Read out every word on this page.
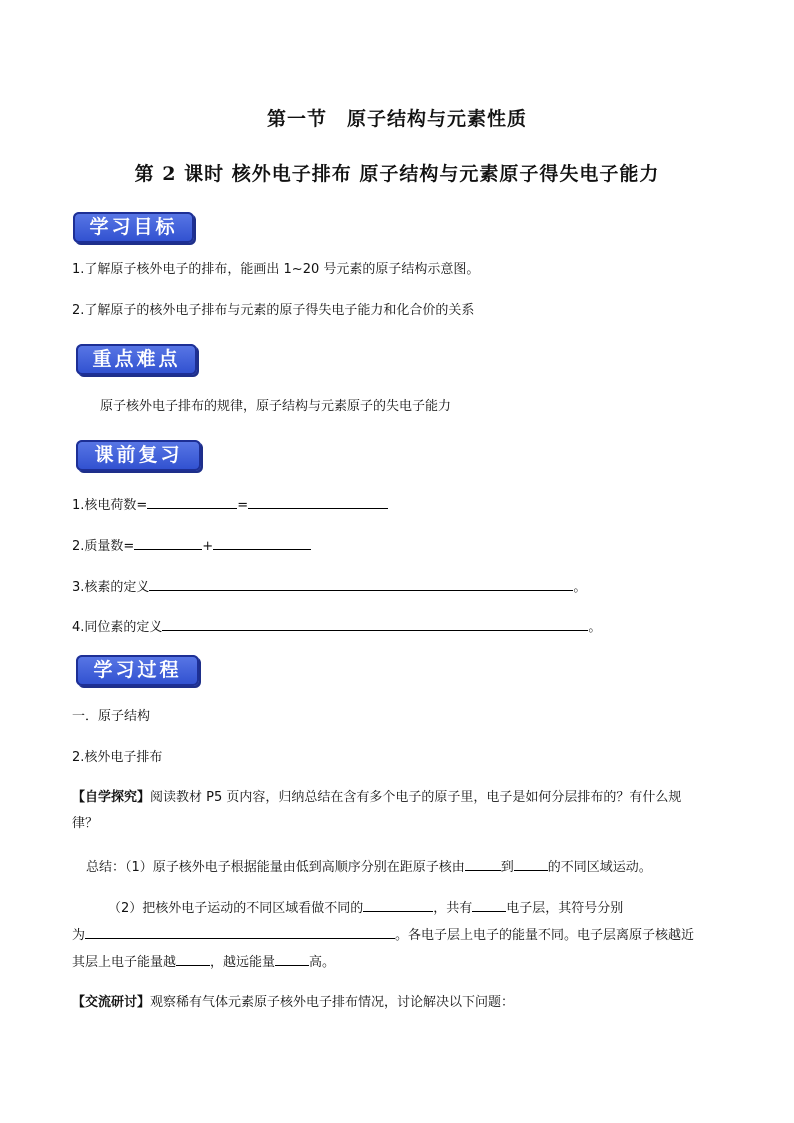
第一节　原子结构与元素性质
第 2 课时 核外电子排布 原子结构与元素原子得失电子能力
学习目标
1.了解原子核外电子的排布，能画出 1~20 号元素的原子结构示意图。
2.了解原子的核外电子排布与元素的原子得失电子能力和化合价的关系
重点难点
原子核外电子排布的规律，原子结构与元素原子的失电子能力
课前复习
1.核电荷数=	=
2.质量数=	+
3.核素的定义	。
4.同位素的定义	。
学习过程
一．原子结构
2.核外电子排布
【自学探究】阅读教材 P5 页内容，归纳总结在含有多个电子的原子里，电子是如何分层排布的？有什么规
律？
总结：（1）原子核外电子根据能量由低到高顺序分别在距原子核由	到	的不同区域运动。
（2）把核外电子运动的不同区域看做不同的	，共有	电子层，其符号分别
为	。各电子层上电子的能量不同。电子层离原子核越近
其层上电子能量越	，越远能量	高。
【交流研讨】观察稀有气体元素原子核外电子排布情况，讨论解决以下问题：
